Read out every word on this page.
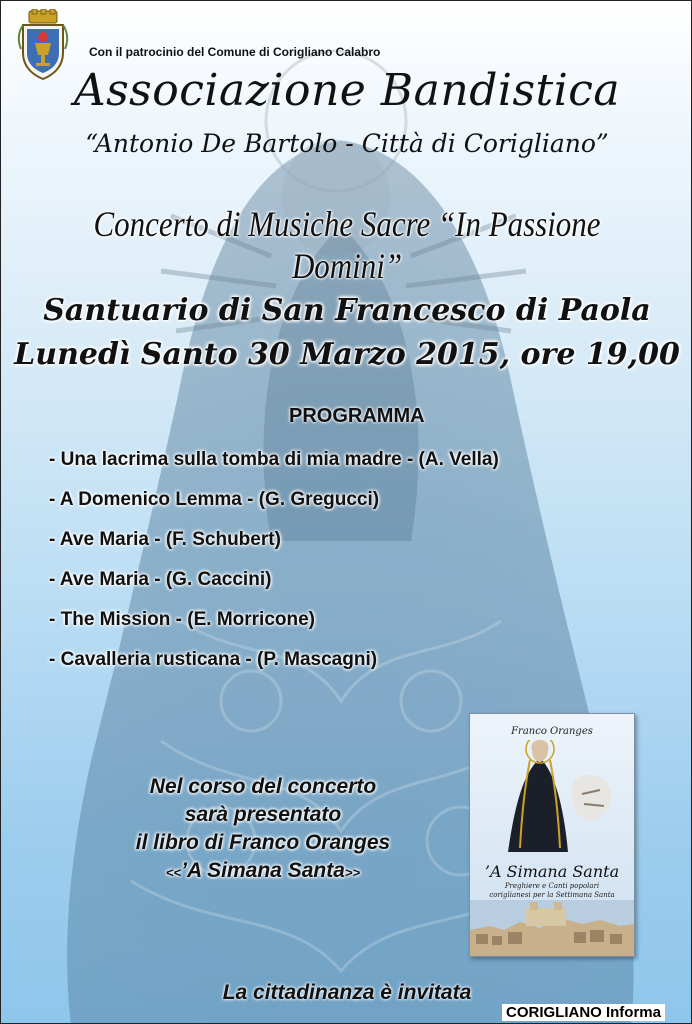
Con il patrocinio del Comune di Corigliano Calabro
Associazione Bandistica
“Antonio De Bartolo - Città di Corigliano”
Concerto di Musiche Sacre “In Passione Domini”
Santuario di San Francesco di Paola
Lunedì Santo 30 Marzo 2015, ore 19,00
PROGRAMMA
- Una lacrima sulla tomba di mia madre - (A. Vella)
- A Domenico Lemma - (G. Gregucci)
- Ave Maria - (F. Schubert)
- Ave Maria - (G. Caccini)
- The Mission - (E. Morricone)
- Cavalleria rusticana - (P. Mascagni)
Nel corso del concerto
sarà presentato
il libro di Franco Oranges
<<’A Simana Santa>>
Franco Oranges
’A Simana Santa
Preghiere e Canti popolari coriglianesi per la Settimana Santa
La cittadinanza è invitata
CORIGLIANO Informa
